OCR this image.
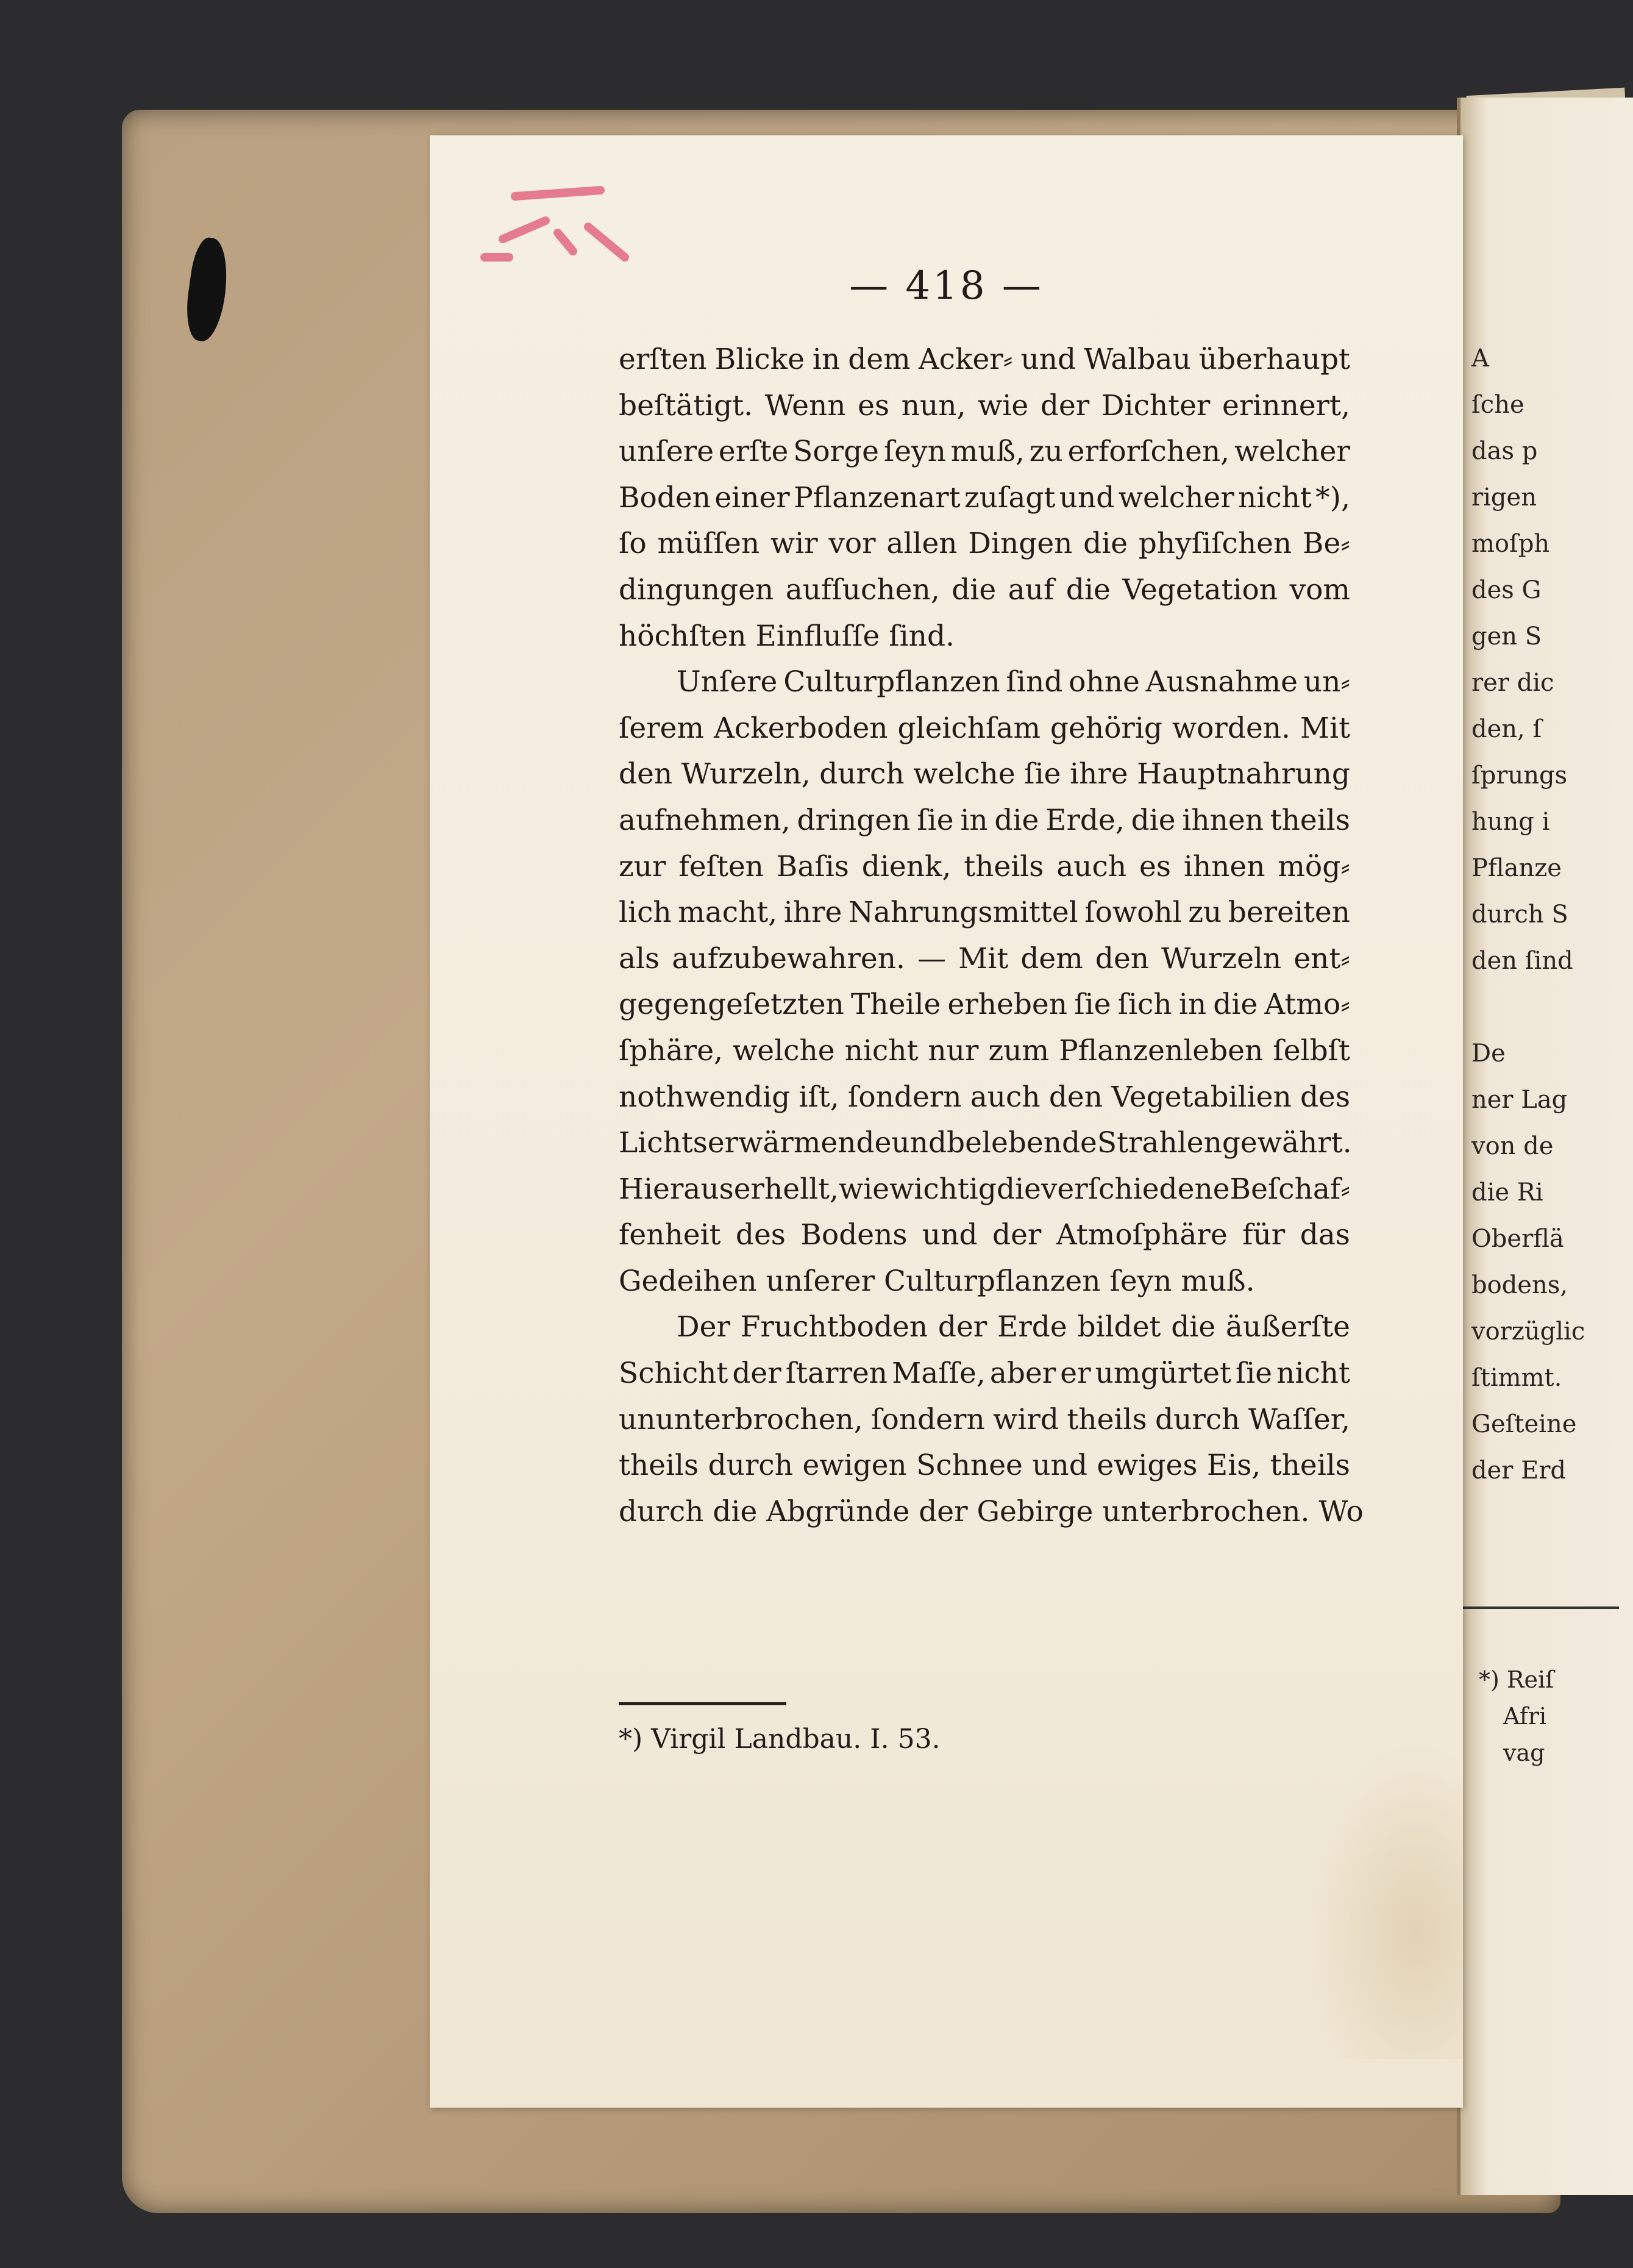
A
ſche
das p
rigen
moſph
des G
gen S
rer dic
den, ſ
ſprungs
hung i
Pflanze
durch S
den ſind
De
ner Lag
von de
die Ri
Oberflä
bodens,
vorzüglic
ſtimmt.
Geſteine
der Erd
*) Reiſ
Afri
vag
— 418 —
erſten Blicke in dem Acker⸗ und Walbau überhaupt
beſtätigt. Wenn es nun, wie der Dichter erinnert,
unſere erſte Sorge ſeyn muß, zu erforſchen, welcher
Boden einer Pflanzenart zuſagt und welcher nicht *),
ſo müſſen wir vor allen Dingen die phyſiſchen Be⸗
dingungen aufſuchen, die auf die Vegetation vom
höchſten Einfluſſe ſind.
Unſere Culturpflanzen ſind ohne Ausnahme un⸗
ſerem Ackerboden gleichſam gehörig worden. Mit
den Wurzeln, durch welche ſie ihre Hauptnahrung
aufnehmen, dringen ſie in die Erde, die ihnen theils
zur feſten Baſis dienk, theils auch es ihnen mög⸗
lich macht, ihre Nahrungsmittel ſowohl zu bereiten
als aufzubewahren. — Mit dem den Wurzeln ent⸗
gegengeſetzten Theile erheben ſie ſich in die Atmo⸗
ſphäre, welche nicht nur zum Pflanzenleben ſelbſt
nothwendig iſt, ſondern auch den Vegetabilien des
Lichts erwärmende und belebende Strahlen gewährt.
Hieraus erhellt, wie wichtig die verſchiedene Beſchaf⸗
fenheit des Bodens und der Atmoſphäre für das
Gedeihen unſerer Culturpflanzen ſeyn muß.
Der Fruchtboden der Erde bildet die äußerſte
Schicht der ſtarren Maſſe, aber er umgürtet ſie nicht
ununterbrochen, ſondern wird theils durch Waſſer,
theils durch ewigen Schnee und ewiges Eis, theils
durch die Abgründe der Gebirge unterbrochen. Wo
*) Virgil Landbau. I. 53.
